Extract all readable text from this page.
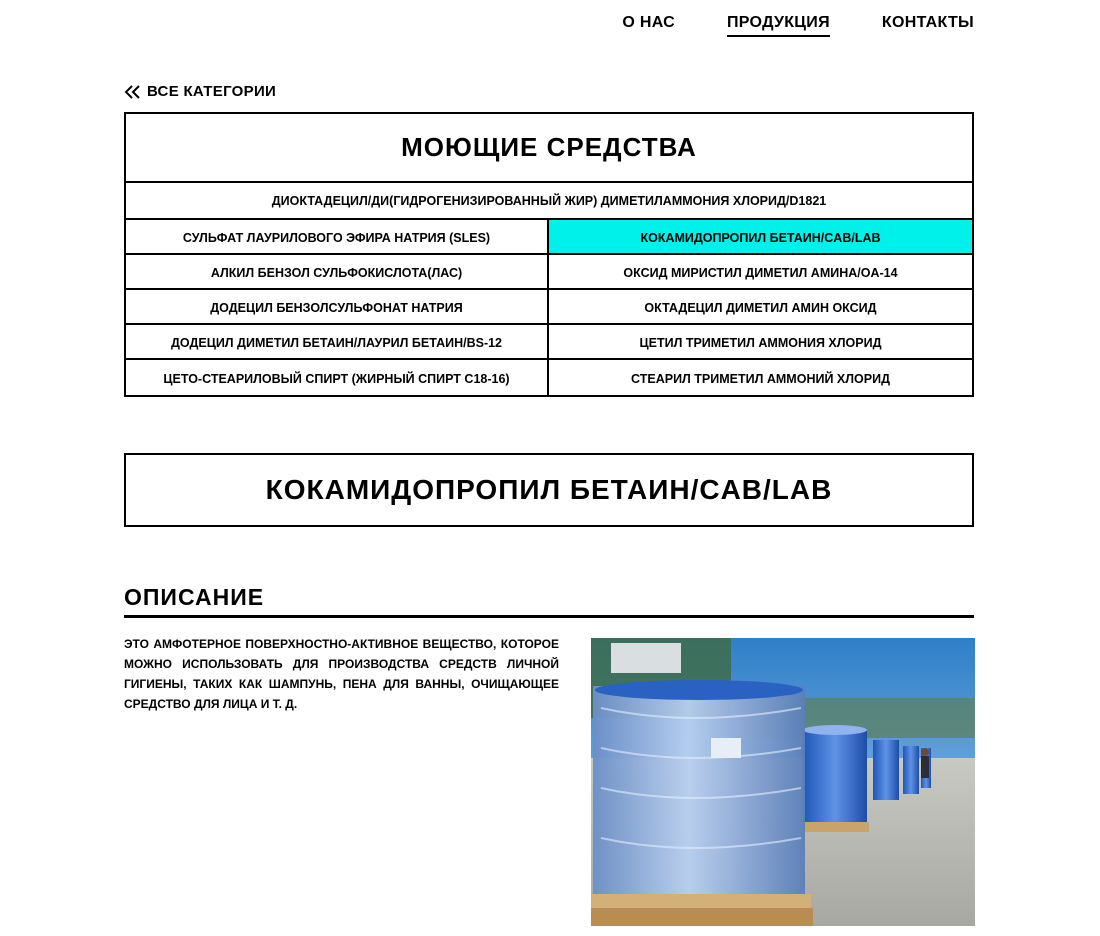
О НАС	ПРОДУКЦИЯ	КОНТАКТЫ
ВСЕ КАТЕГОРИИ
МОЮЩИЕ СРЕДСТВА
ДИОКТАДЕЦИЛ/ДИ(ГИДРОГЕНИЗИРОВАННЫЙ ЖИР) ДИМЕТИЛАММОНИЯ ХЛОРИД/D1821
СУЛЬФАТ ЛАУРИЛОВОГО ЭФИРА НАТРИЯ (SLES)	КОКАМИДОПРОПИЛ БЕТАИН/CAB/LAB
АЛКИЛ БЕНЗОЛ СУЛЬФОКИСЛОТА(ЛАС)	ОКСИД МИРИСТИЛ ДИМЕТИЛ АМИНА/OA-14
ДОДЕЦИЛ БЕНЗОЛСУЛЬФОНАТ НАТРИЯ	ОКТАДЕЦИЛ ДИМЕТИЛ АМИН ОКСИД
ДОДЕЦИЛ ДИМЕТИЛ БЕТАИН/ЛАУРИЛ БЕТАИН/BS-12	ЦЕТИЛ ТРИМЕТИЛ АММОНИЯ ХЛОРИД
ЦЕТО-СТЕАРИЛОВЫЙ СПИРТ (ЖИРНЫЙ СПИРТ C18-16)	СТЕАРИЛ ТРИМЕТИЛ АММОНИЙ ХЛОРИД
КОКАМИДОПРОПИЛ БЕТАИН/CAB/LAB
ОПИСАНИЕ

ЭТО АМФОТЕРНОЕ ПОВЕРХНОСТНО-АКТИВНОЕ ВЕЩЕСТВО, КОТОРОЕ МОЖНО ИСПОЛЬЗОВАТЬ ДЛЯ ПРОИЗВОДСТВА СРЕДСТВ ЛИЧНОЙ ГИГИЕНЫ, ТАКИХ КАК ШАМПУНЬ, ПЕНА ДЛЯ ВАННЫ, ОЧИЩАЮЩЕЕ СРЕДСТВО ДЛЯ ЛИЦА И Т. Д.
